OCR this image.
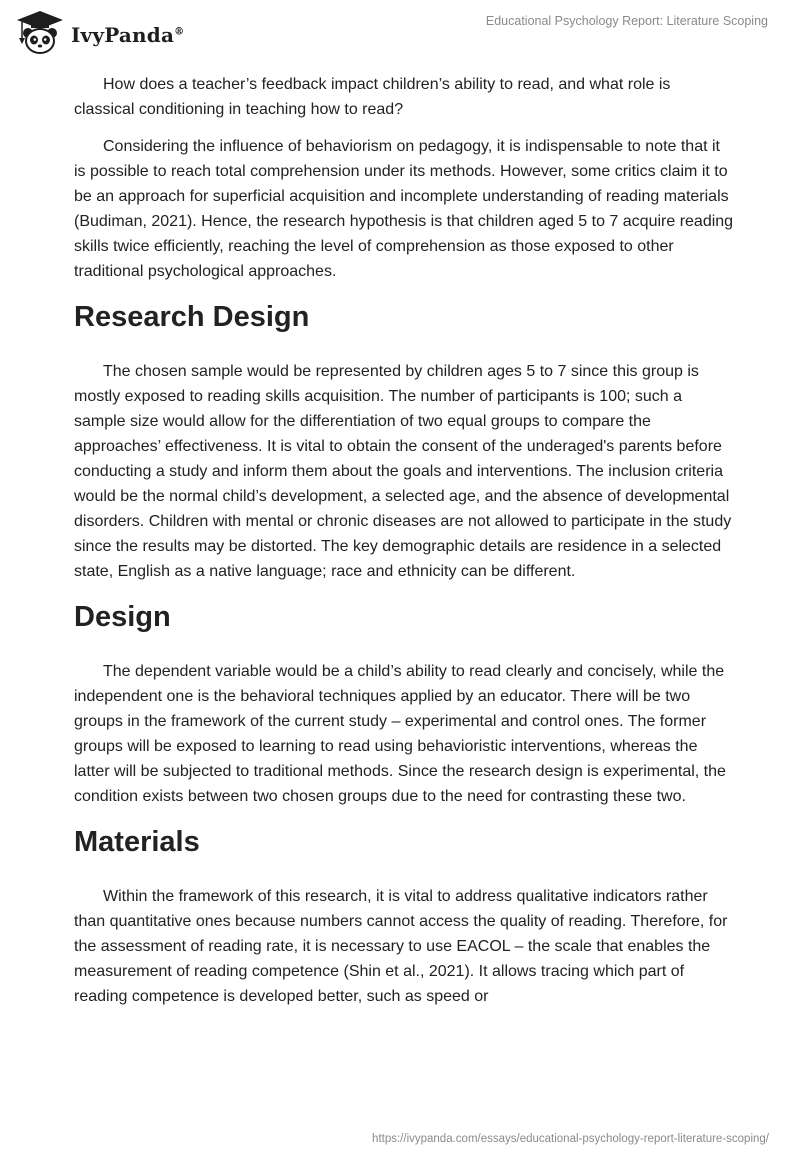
IvyPanda®
Educational Psychology Report: Literature Scoping

How does a teacher’s feedback impact children’s ability to read, and what role is classical conditioning in teaching how to read?

Considering the influence of behaviorism on pedagogy, it is indispensable to note that it is possible to reach total comprehension under its methods. However, some critics claim it to be an approach for superficial acquisition and incomplete understanding of reading materials (Budiman, 2021). Hence, the research hypothesis is that children aged 5 to 7 acquire reading skills twice efficiently, reaching the level of comprehension as those exposed to other traditional psychological approaches.

Research Design

The chosen sample would be represented by children ages 5 to 7 since this group is mostly exposed to reading skills acquisition. The number of participants is 100; such a sample size would allow for the differentiation of two equal groups to compare the approaches’ effectiveness. It is vital to obtain the consent of the underaged's parents before conducting a study and inform them about the goals and interventions. The inclusion criteria would be the normal child’s development, a selected age, and the absence of developmental disorders. Children with mental or chronic diseases are not allowed to participate in the study since the results may be distorted. The key demographic details are residence in a selected state, English as a native language; race and ethnicity can be different.

Design

The dependent variable would be a child’s ability to read clearly and concisely, while the independent one is the behavioral techniques applied by an educator. There will be two groups in the framework of the current study – experimental and control ones. The former groups will be exposed to learning to read using behavioristic interventions, whereas the latter will be subjected to traditional methods. Since the research design is experimental, the condition exists between two chosen groups due to the need for contrasting these two.

Materials

Within the framework of this research, it is vital to address qualitative indicators rather than quantitative ones because numbers cannot access the quality of reading. Therefore, for the assessment of reading rate, it is necessary to use EACOL – the scale that enables the measurement of reading competence (Shin et al., 2021). It allows tracing which part of reading competence is developed better, such as speed or

https://ivypanda.com/essays/educational-psychology-report-literature-scoping/
